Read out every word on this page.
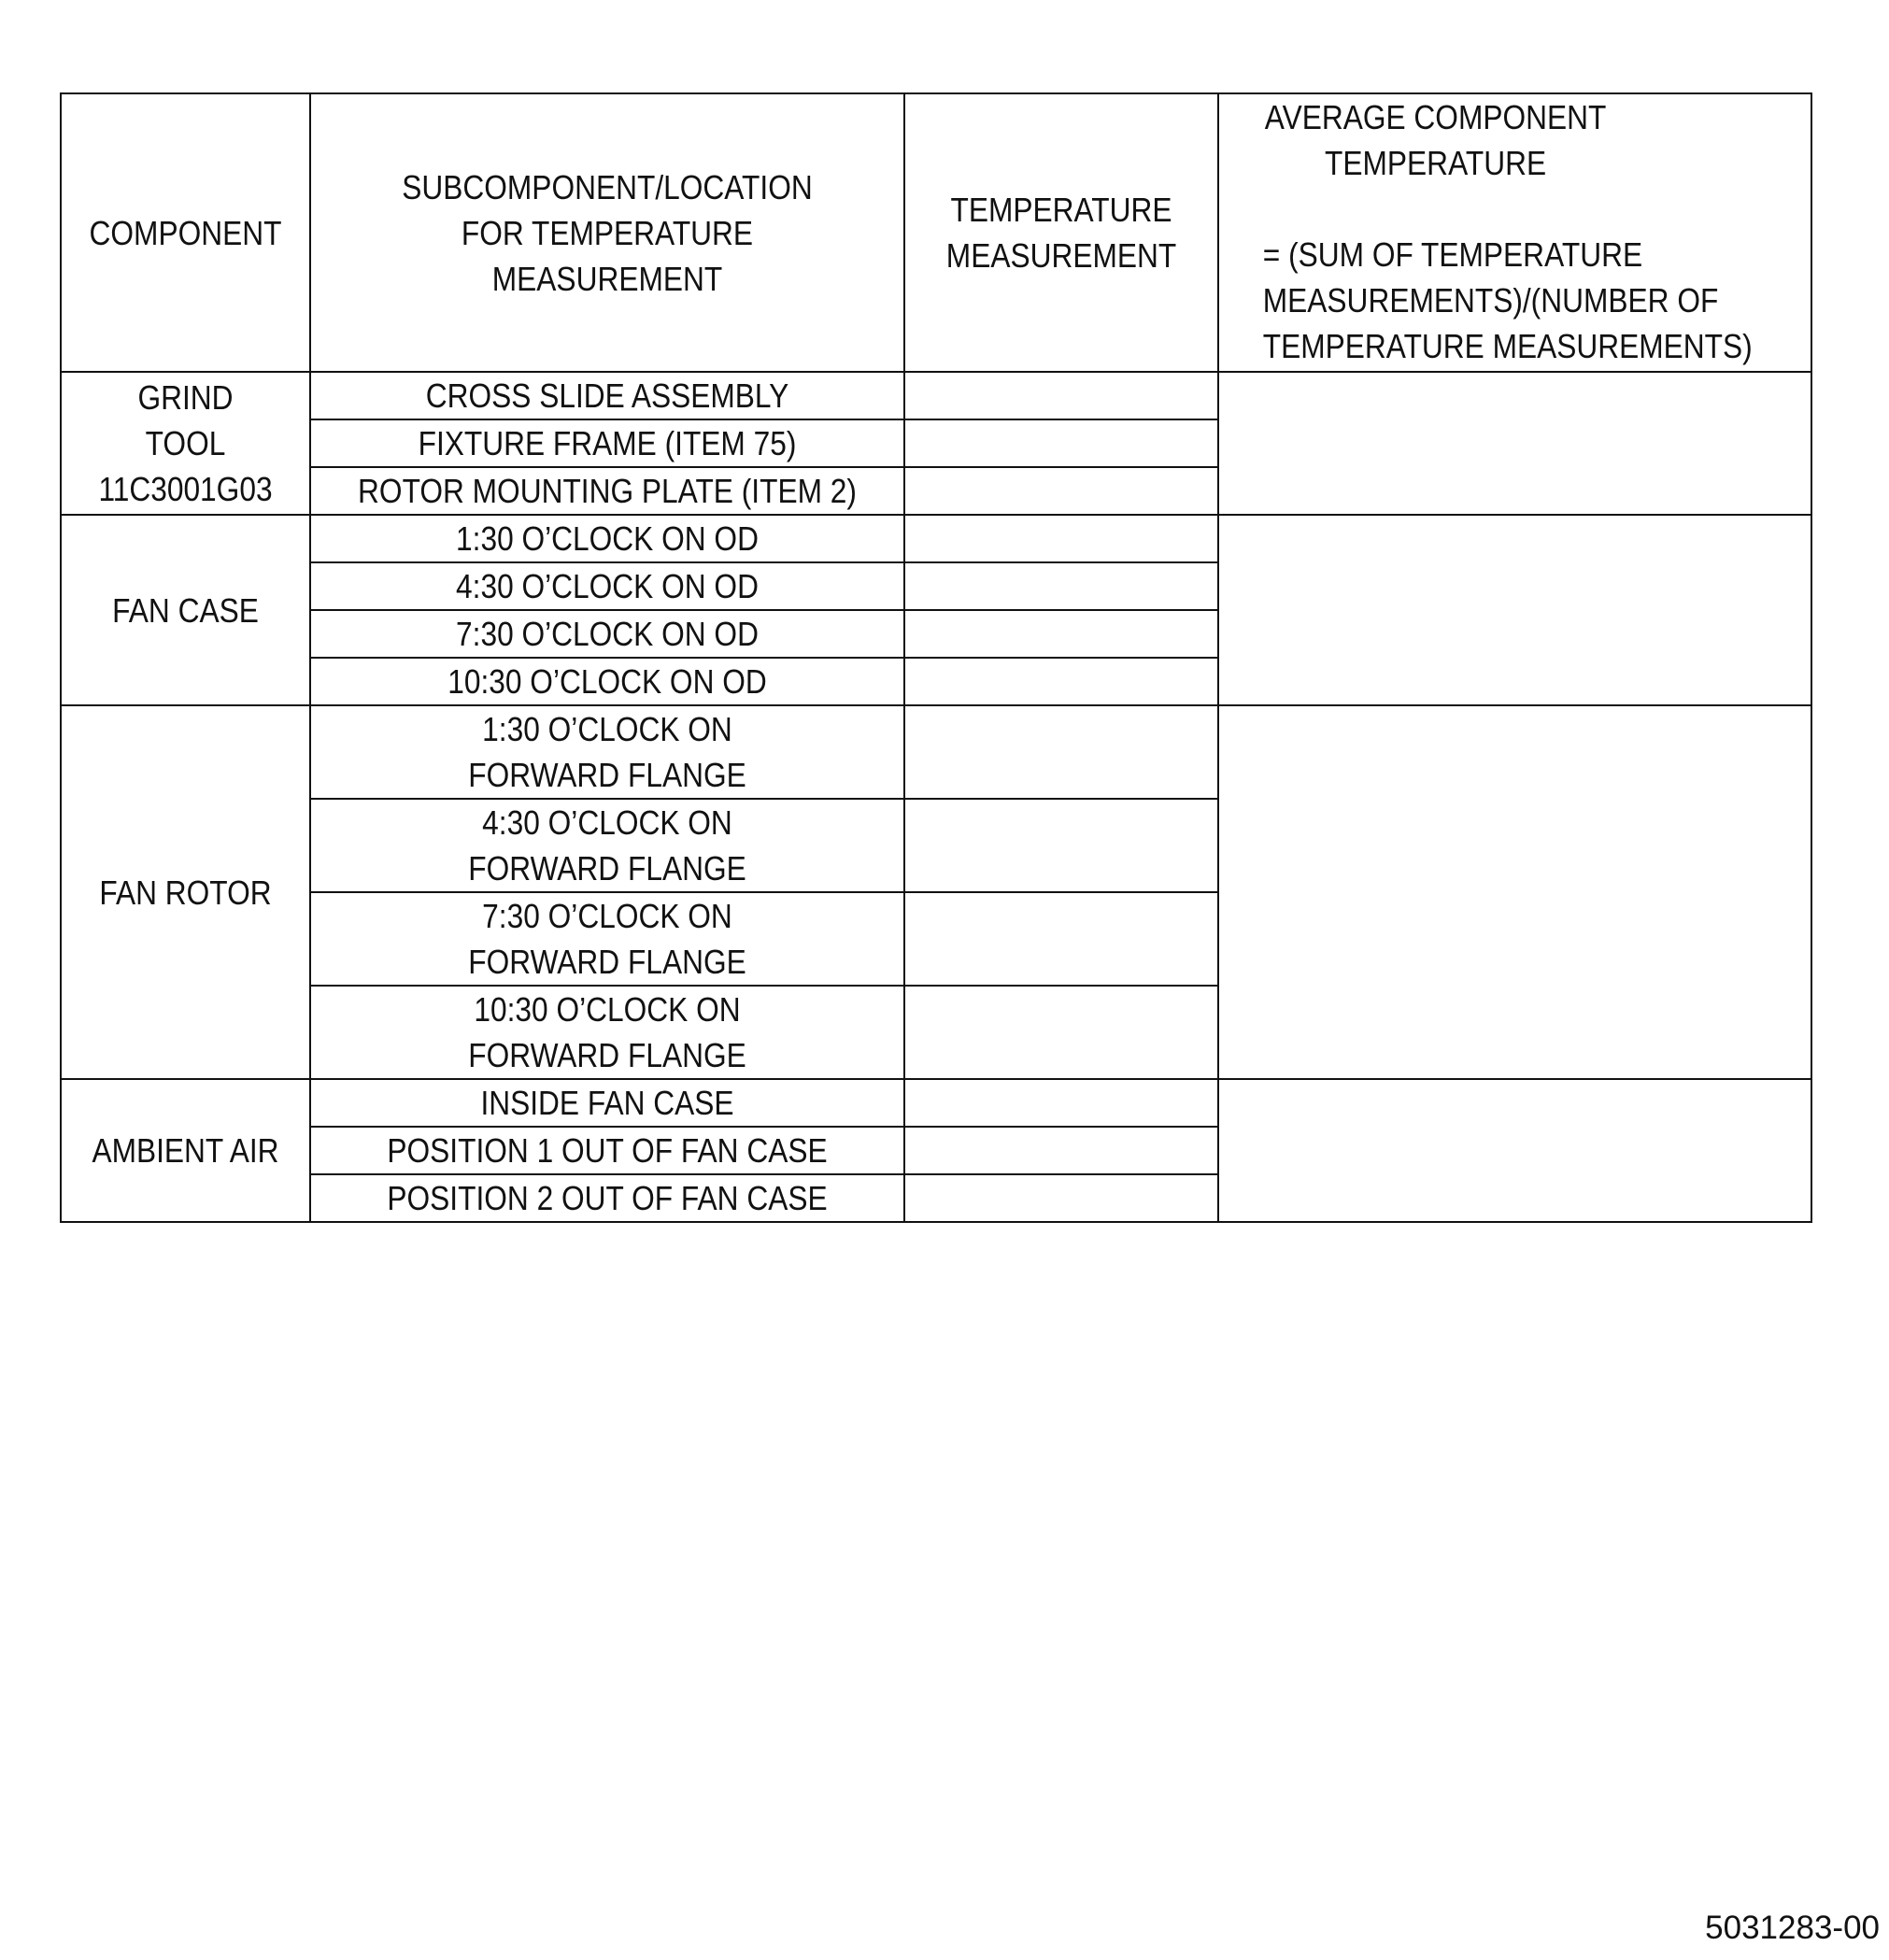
COMPONENT	SUBCOMPONENT/LOCATION FOR TEMPERATURE MEASUREMENT	TEMPERATURE MEASUREMENT	AVERAGE COMPONENT TEMPERATURE = (SUM OF TEMPERATURE MEASUREMENTS)/(NUMBER OF TEMPERATURE MEASUREMENTS)
GRIND TOOL 11C3001G03	CROSS SLIDE ASSEMBLY		
	FIXTURE FRAME (ITEM 75)		
	ROTOR MOUNTING PLATE (ITEM 2)		
FAN CASE	1:30 O’CLOCK ON OD		
	4:30 O’CLOCK ON OD		
	7:30 O’CLOCK ON OD		
	10:30 O’CLOCK ON OD		
FAN ROTOR	1:30 O’CLOCK ON FORWARD FLANGE		
	4:30 O’CLOCK ON FORWARD FLANGE		
	7:30 O’CLOCK ON FORWARD FLANGE		
	10:30 O’CLOCK ON FORWARD FLANGE		
AMBIENT AIR	INSIDE FAN CASE		
	POSITION 1 OUT OF FAN CASE		
	POSITION 2 OUT OF FAN CASE		
5031283-00
